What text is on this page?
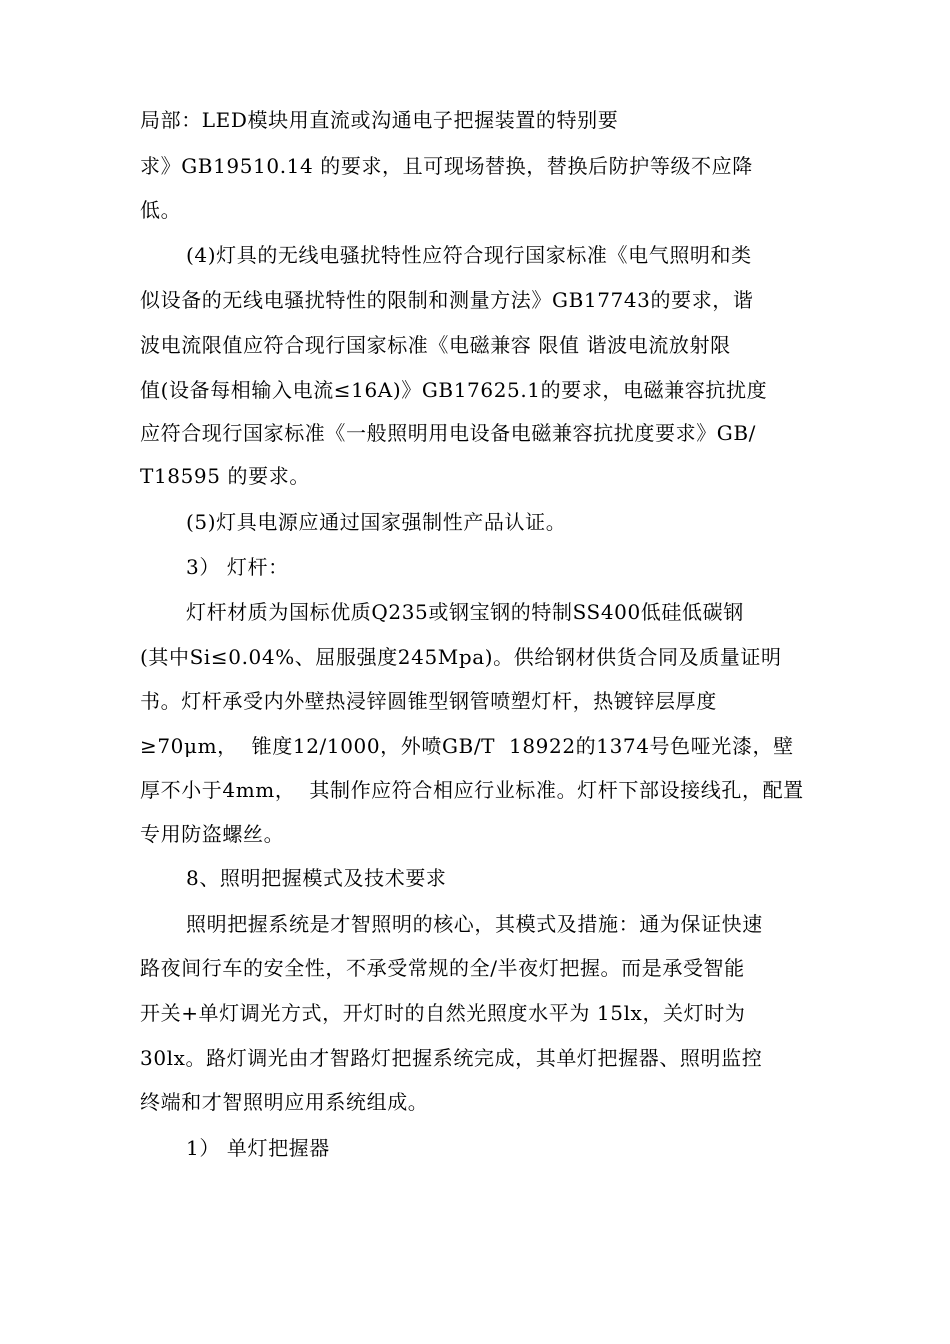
局部：LED模块用直流或沟通电子把握装置的特别要
求》GB19510.14 的要求，且可现场替换，替换后防护等级不应降
低。
(4)灯具的无线电骚扰特性应符合现行国家标准《电气照明和类
似设备的无线电骚扰特性的限制和测量方法》GB17743的要求，谐
波电流限值应符合现行国家标准《电磁兼容 限值 谐波电流放射限
值(设备每相输入电流≤16A)》GB17625.1的要求，电磁兼容抗扰度
应符合现行国家标准《一般照明用电设备电磁兼容抗扰度要求》GB/
T18595 的要求。
(5)灯具电源应通过国家强制性产品认证。
3） 灯杆：
灯杆材质为国标优质Q235或钢宝钢的特制SS400低硅低碳钢
(其中Si≤0.04%、屈服强度245Mpa)。供给钢材供货合同及质量证明
书。灯杆承受内外壁热浸锌圆锥型钢管喷塑灯杆，热镀锌层厚度
≥70μm，  锥度12/1000，外喷GB/T  18922的1374号色哑光漆，壁
厚不小于4mm，  其制作应符合相应行业标准。灯杆下部设接线孔，配置
专用防盗螺丝。
8、照明把握模式及技术要求
照明把握系统是才智照明的核心，其模式及措施：通为保证快速
路夜间行车的安全性，不承受常规的全/半夜灯把握。而是承受智能
开关+单灯调光方式，开灯时的自然光照度水平为 15lx，关灯时为
30lx。路灯调光由才智路灯把握系统完成，其单灯把握器、照明监控
终端和才智照明应用系统组成。
1） 单灯把握器
